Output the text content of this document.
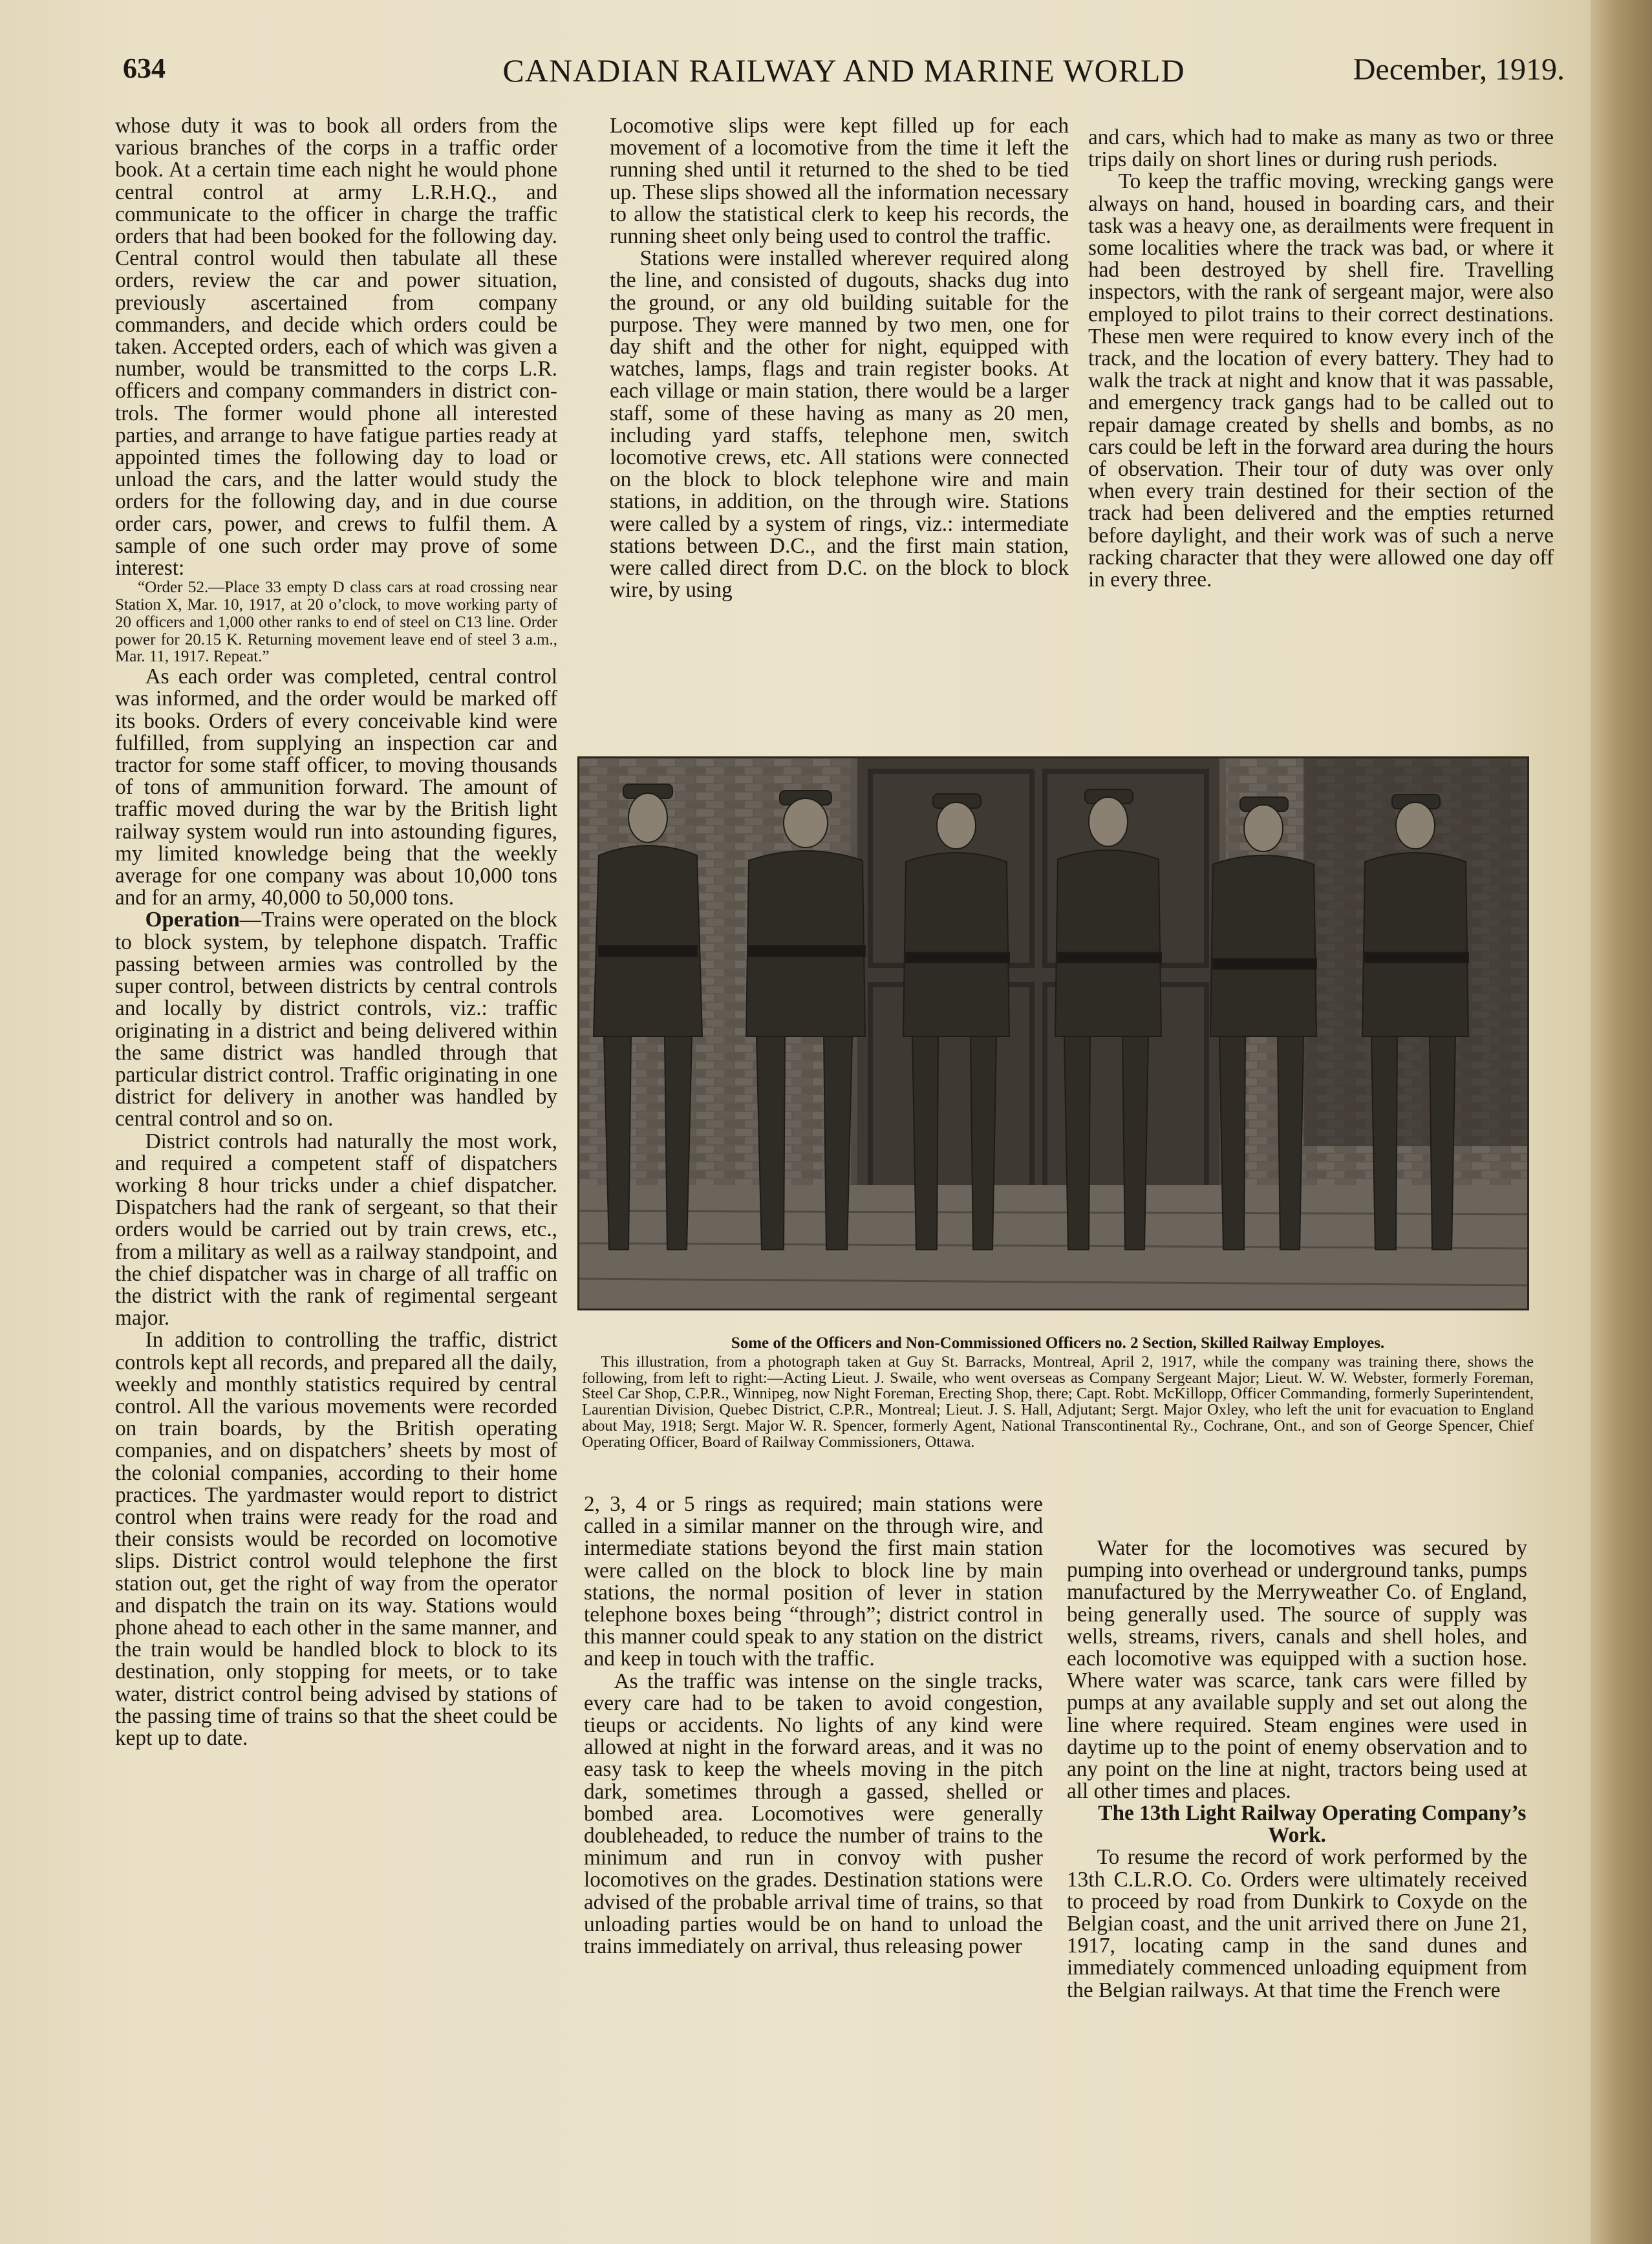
CANADIAN RAILWAY AND MARINE WORLD
634	December, 1919.

whose duty it was to book all orders from the various branches of the corps in a traffic order book. At a certain time each night he would phone central control at army L.R.H.Q., and communicate to the officer in charge the traffic orders that had been booked for the following day. Central control would then tabulate all these orders, review the car and power situation, previously ascertained from company commanders, and decide which orders could be taken. Accepted orders, each of which was given a number, would be transmitted to the corps L.R. officers and company commanders in district controls. The former would phone all interested parties, and arrange to have fatigue parties ready at appointed times the following day to load or unload the cars, and the latter would study the orders for the following day, and in due course order cars, power, and crews to fulfil them. A sample of one such order may prove of some interest:

“Order 52.—Place 33 empty D class cars at road crossing near Station X, Mar. 10, 1917, at 20 o’clock, to move working party of 20 officers and 1,000 other ranks to end of steel on C13 line. Order power for 20.15 K. Returning movement leave end of steel 3 a.m., Mar. 11, 1917. Repeat.”

As each order was completed, central control was informed, and the order would be marked off its books. Orders of every conceivable kind were fulfilled, from supplying an inspection car and tractor for some staff officer, to moving thousands of tons of ammunition forward. The amount of traffic moved during the war by the British light railway system would run into astounding figures, my limited knowledge being that the weekly average for one company was about 10,000 tons and for an army, 40,000 to 50,000 tons.

Operation—Trains were operated on the block to block system, by telephone dispatch. Traffic passing between armies was controlled by the super control, between districts by central controls and locally by district controls, viz.: traffic originating in a district and being delivered within the same district was handled through that particular district control. Traffic originating in one district for delivery in another was handled by central control and so on.

District controls had naturally the most work, and required a competent staff of dispatchers working 8 hour tricks under a chief dispatcher. Dispatchers had the rank of sergeant, so that their orders would be carried out by train crews, etc., from a military as well as a railway standpoint, and the chief dispatcher was in charge of all traffic on the district with the rank of regimental sergeant major.

In addition to controlling the traffic, district controls kept all records, and prepared all the daily, weekly and monthly statistics required by central control. All the various movements were recorded on train boards, by the British operating companies, and on dispatchers’ sheets by most of the colonial companies, according to their home practices. The yardmaster would report to district control when trains were ready for the road and their consists would be recorded on locomotive slips. District control would telephone the first station out, get the right of way from the operator and dispatch the train on its way. Stations would phone ahead to each other in the same manner, and the train would be handled block to block to its destination, only stopping for meets, or to take water, district control being advised by stations of the passing time of trains so that the sheet could be kept up to date.

Locomotive slips were kept filled up for each movement of a locomotive from the time it left the running shed until it returned to the shed to be tied up. These slips showed all the information necessary to allow the statistical clerk to keep his records, the running sheet only being used to control the traffic.

Stations were installed wherever required along the line, and consisted of dugouts, shacks dug into the ground, or any old building suitable for the purpose. They were manned by two men, one for day shift and the other for night, equipped with watches, lamps, flags and train register books. At each village or main station, there would be a larger staff, some of these having as many as 20 men, including yard staffs, telephone men, switch locomotive crews, etc. All stations were connected on the block to block telephone wire and main stations, in addition, on the through wire. Stations were called by a system of rings, viz.: intermediate stations between D.C., and the first main station, were called direct from D.C. on the block to block wire, by using

and cars, which had to make as many as two or three trips daily on short lines or during rush periods.

To keep the traffic moving, wrecking gangs were always on hand, housed in boarding cars, and their task was a heavy one, as derailments were frequent in some localities where the track was bad, or where it had been destroyed by shell fire. Travelling inspectors, with the rank of sergeant major, were also employed to pilot trains to their correct destinations. These men were required to know every inch of the track, and the location of every battery. They had to walk the track at night and know that it was passable, and emergency track gangs had to be called out to repair damage created by shells and bombs, as no cars could be left in the forward area during the hours of observation. Their tour of duty was over only when every train destined for their section of the track had been delivered and the empties returned before daylight, and their work was of such a nerve racking character that they were allowed one day off in every three.

Some of the Officers and Non-Commissioned Officers no. 2 Section, Skilled Railway Employes.
This illustration, from a photograph taken at Guy St. Barracks, Montreal, April 2, 1917, while the company was training there, shows the following, from left to right:—Acting Lieut. J. Swaile, who went overseas as Company Sergeant Major; Lieut. W. W. Webster, formerly Foreman, Steel Car Shop, C.P.R., Winnipeg, now Night Foreman, Erecting Shop, there; Capt. Robt. McKillopp, Officer Commanding, formerly Superintendent, Laurentian Division, Quebec District, C.P.R., Montreal; Lieut. J. S. Hall, Adjutant; Sergt. Major Oxley, who left the unit for evacuation to England about May, 1918; Sergt. Major W. R. Spencer, formerly Agent, National Transcontinental Ry., Cochrane, Ont., and son of George Spencer, Chief Operating Officer, Board of Railway Commissioners, Ottawa.

2, 3, 4 or 5 rings as required; main stations were called in a similar manner on the through wire, and intermediate stations beyond the first main station were called on the block to block line by main stations, the normal position of lever in station telephone boxes being “through”; district control in this manner could speak to any station on the district and keep in touch with the traffic.

As the traffic was intense on the single tracks, every care had to be taken to avoid congestion, tieups or accidents. No lights of any kind were allowed at night in the forward areas, and it was no easy task to keep the wheels moving in the pitch dark, sometimes through a gassed, shelled or bombed area. Locomotives were generally doubleheaded, to reduce the number of trains to the minimum and run in convoy with pusher locomotives on the grades. Destination stations were advised of the probable arrival time of trains, so that unloading parties would be on hand to unload the trains immediately on arrival, thus releasing power

Water for the locomotives was secured by pumping into overhead or underground tanks, pumps manufactured by the Merryweather Co. of England, being generally used. The source of supply was wells, streams, rivers, canals and shell holes, and each locomotive was equipped with a suction hose. Where water was scarce, tank cars were filled by pumps at any available supply and set out along the line where required. Steam engines were used in daytime up to the point of enemy observation and to any point on the line at night, tractors being used at all other times and places.

The 13th Light Railway Operating Company’s Work.

To resume the record of work performed by the 13th C.L.R.O. Co. Orders were ultimately received to proceed by road from Dunkirk to Coxyde on the Belgian coast, and the unit arrived there on June 21, 1917, locating camp in the sand dunes and immediately commenced unloading equipment from the Belgian railways. At that time the French were
